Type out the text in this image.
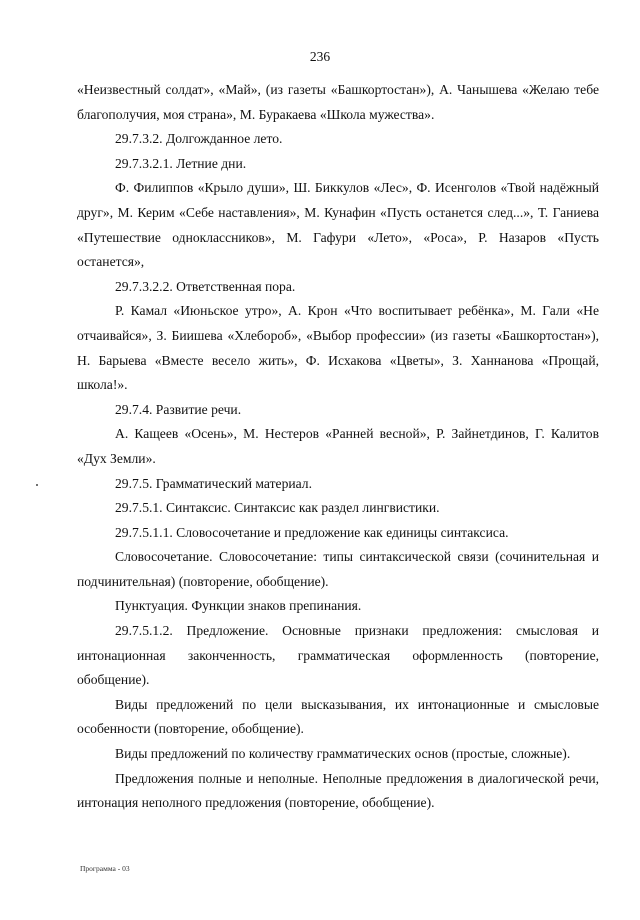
236

«Неизвестный солдат», «Май», (из газеты «Башкортостан»), А. Чанышева «Желаю тебе благополучия, моя страна», М. Буракаева «Школа мужества».

29.7.3.2. Долгожданное лето.

29.7.3.2.1. Летние дни.

Ф. Филиппов «Крыло души», Ш. Биккулов «Лес», Ф. Исенголов «Твой надёжный друг», М. Керим «Себе наставления», М. Кунафин «Пусть останется след...», Т. Ганиева «Путешествие одноклассников», М. Гафури «Лето», «Роса», Р. Назаров «Пусть останется»,

29.7.3.2.2. Ответственная пора.

Р. Камал «Июньское утро», А. Крон «Что воспитывает ребёнка», М. Гали «Не отчаивайся», З. Биишева «Хлебороб», «Выбор профессии» (из газеты «Башкортостан»), Н. Барыева «Вместе весело жить», Ф. Исхакова «Цветы», З. Ханнанова «Прощай, школа!».

29.7.4. Развитие речи.

А. Кащеев «Осень», М. Нестеров «Ранней весной», Р. Зайнетдинов, Г. Калитов «Дух Земли».

29.7.5. Грамматический материал.

29.7.5.1. Синтаксис. Синтаксис как раздел лингвистики.

29.7.5.1.1. Словосочетание и предложение как единицы синтаксиса.

Словосочетание. Словосочетание: типы синтаксической связи (сочинительная и подчинительная) (повторение, обобщение).

Пунктуация. Функции знаков препинания.

29.7.5.1.2. Предложение. Основные признаки предложения: смысловая и интонационная законченность, грамматическая оформленность (повторение, обобщение).

Виды предложений по цели высказывания, их интонационные и смысловые особенности (повторение, обобщение).

Виды предложений по количеству грамматических основ (простые, сложные).

Предложения полные и неполные. Неполные предложения в диалогической речи, интонация неполного предложения (повторение, обобщение).

Программа - 03
